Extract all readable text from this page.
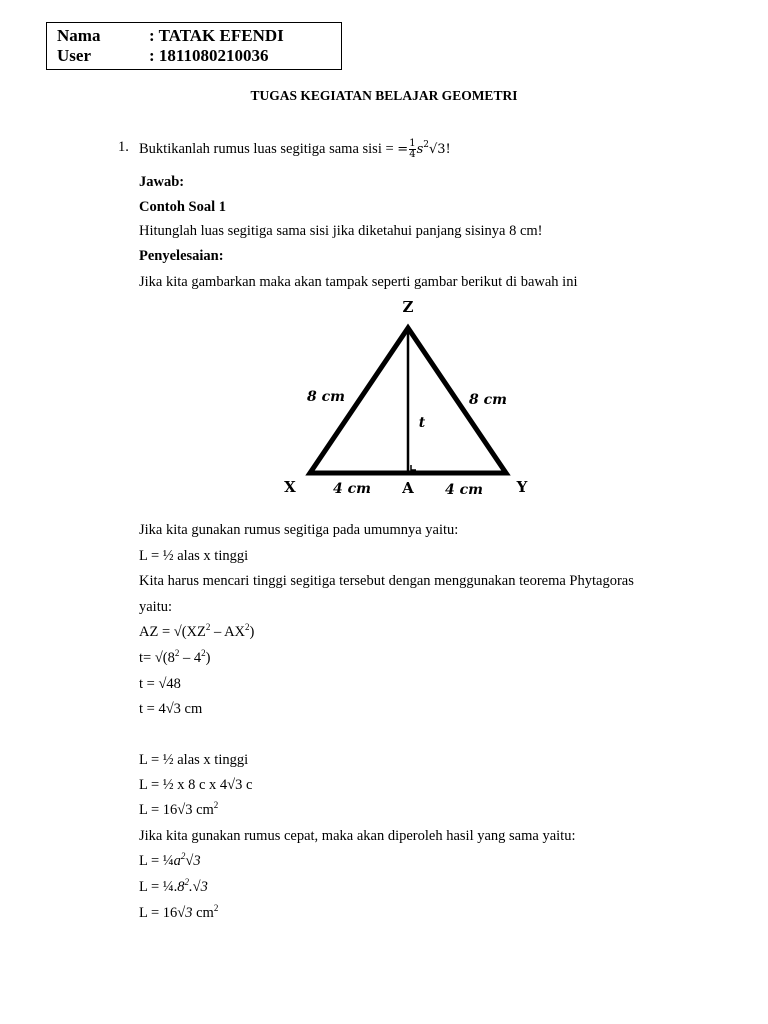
Nama	: TATAK EFENDI
User	: 1811080210036
TUGAS KEGIATAN BELAJAR GEOMETRI
1. Buktikanlah rumus luas segitiga sama sisi = = $\frac{1}{4} s^2√3$!
Jawab:
Contoh Soal 1
Hitunglah luas segitiga sama sisi jika diketahui panjang sisinya 8 cm!
Penyelesaian:
Jika kita gambarkan maka akan tampak seperti gambar berikut di bawah ini
Z
X	Y
A
8 cm	8 cm
t
4 cm	4 cm
Jika kita gunakan rumus segitiga pada umumnya yaitu:
L = ½ alas x tinggi
Kita harus mencari tinggi segitiga tersebut dengan menggunakan teorema Phytagoras
yaitu:
AZ = $√(XZ^2 - AX^2)$
$t= √(8^2 - 4^2)$
t = √48
t = 4√3 cm
L = ½ alas x tinggi
L = ½ x 8 c x 4√3 c
L = 16√3 $cm^2$
Jika kita gunakan rumus cepat, maka akan diperoleh hasil yang sama yaitu:
$L = \frac{1}{4}a^2√3$
$L = \frac{1}{4}.8^2.√3$
L = 16√3 $cm^2$
